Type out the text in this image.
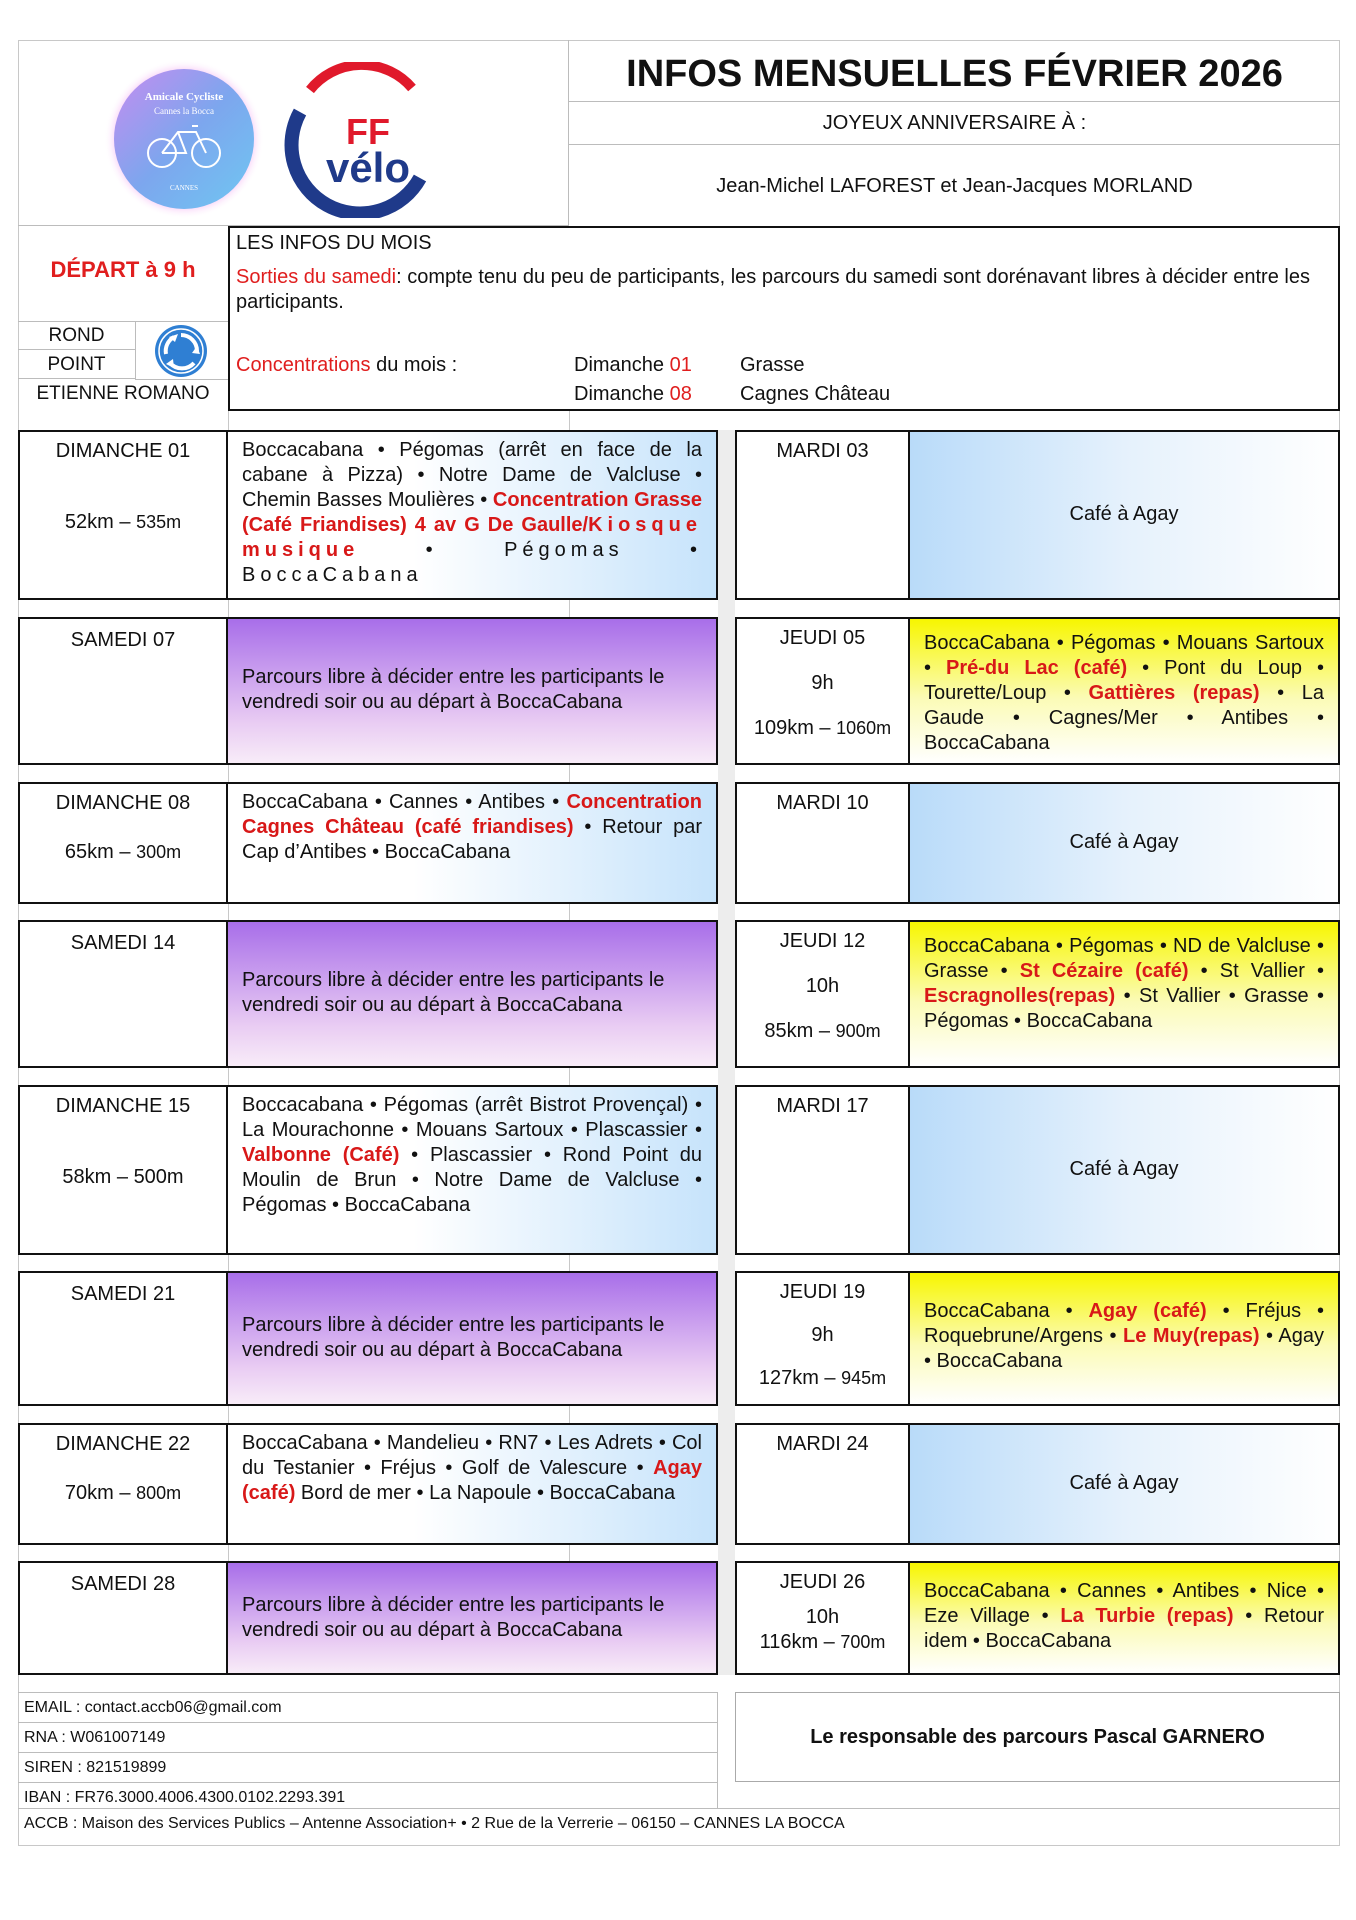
Amicale Cycliste
Cannes la Bocca
CANNES
FF
vélo
INFOS MENSUELLES FÉVRIER 2026
JOYEUX ANNIVERSAIRE À :
Jean-Michel LAFOREST et Jean-Jacques MORLAND
DÉPART à 9 h
ROND
POINT
ETIENNE ROMANO
LES INFOS DU MOIS
Sorties du samedi: compte tenu du peu de participants, les parcours du samedi sont dorénavant libres à décider entre les participants.
Concentrations du mois :	Dimanche 01 Grasse
Dimanche 08 Cagnes Château
DIMANCHE 01
52km – 535m
Boccacabana • Pégomas (arrêt en face de la cabane à Pizza) • Notre Dame de Valcluse • Chemin Basses Moulières • Concentration Grasse (Café Friandises) 4 av G De Gaulle/Kiosque musique • Pégomas • BoccaCabana
MARDI 03
Café à Agay
SAMEDI 07
Parcours libre à décider entre les participants le vendredi soir ou au départ à BoccaCabana
JEUDI 05
9h
109km – 1060m
BoccaCabana • Pégomas • Mouans Sartoux • Pré-du Lac (café) • Pont du Loup • Tourette/Loup • Gattières (repas) • La Gaude • Cagnes/Mer • Antibes • BoccaCabana
DIMANCHE 08
65km – 300m
BoccaCabana • Cannes • Antibes • Concentration Cagnes Château (café friandises) • Retour par Cap d’Antibes • BoccaCabana
MARDI 10
Café à Agay
SAMEDI 14
Parcours libre à décider entre les participants le vendredi soir ou au départ à BoccaCabana
JEUDI 12
10h
85km – 900m
BoccaCabana • Pégomas • ND de Valcluse • Grasse • St Cézaire (café) • St Vallier • Escragnolles(repas) • St Vallier • Grasse • Pégomas • BoccaCabana
DIMANCHE 15
58km – 500m
Boccacabana • Pégomas (arrêt Bistrot Provençal) • La Mourachonne • Mouans Sartoux • Plascassier • Valbonne (Café) • Plascassier • Rond Point du Moulin de Brun • Notre Dame de Valcluse • Pégomas • BoccaCabana
MARDI 17
Café à Agay
SAMEDI 21
Parcours libre à décider entre les participants le vendredi soir ou au départ à BoccaCabana
JEUDI 19
9h
127km – 945m
BoccaCabana • Agay (café) • Fréjus • Roquebrune/Argens • Le Muy(repas) • Agay • BoccaCabana
DIMANCHE 22
70km – 800m
BoccaCabana • Mandelieu • RN7 • Les Adrets • Col du Testanier • Fréjus • Golf de Valescure • Agay (café) Bord de mer • La Napoule • BoccaCabana
MARDI 24
Café à Agay
SAMEDI 28
Parcours libre à décider entre les participants le vendredi soir ou au départ à BoccaCabana
JEUDI 26
10h
116km – 700m
BoccaCabana • Cannes • Antibes • Nice • Eze Village • La Turbie (repas) • Retour idem • BoccaCabana
EMAIL : contact.accb06@gmail.com
RNA : W061007149
SIREN : 821519899
IBAN : FR76.3000.4006.4300.0102.2293.391
Le responsable des parcours Pascal GARNERO
ACCB : Maison des Services Publics – Antenne Association+ • 2 Rue de la Verrerie – 06150 – CANNES LA BOCCA
